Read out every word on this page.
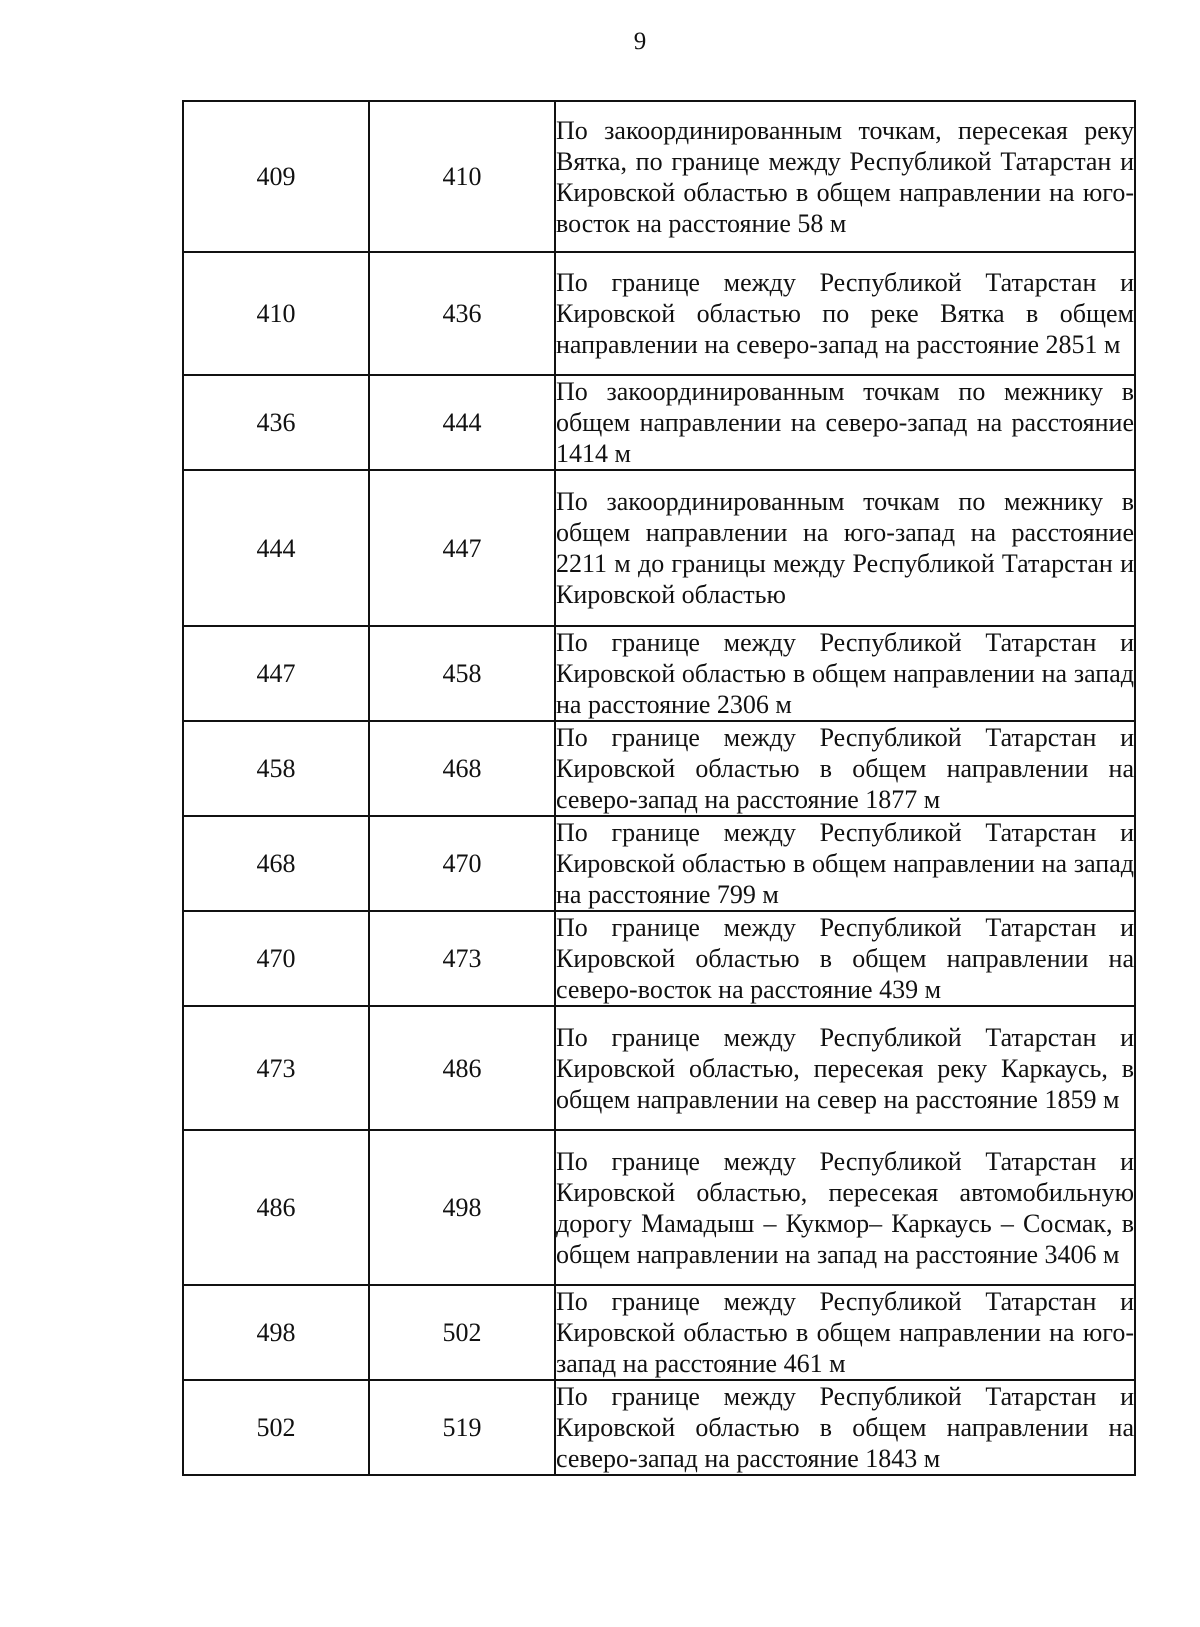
9
409	410	По закоординированным точкам, пересекая реку Вятка, по границе между Республикой Татарстан и Кировской областью в общем направлении на юго-восток на расстояние 58 м
410	436	По границе между Республикой Татарстан и Кировской областью по реке Вятка в общем направлении на северо-запад на расстояние 2851 м
436	444	По закоординированным точкам по межнику в общем направлении на северо-запад на расстояние 1414 м
444	447	По закоординированным точкам по межнику в общем направлении на юго-запад на расстояние 2211 м до границы между Республикой Татарстан и Кировской областью
447	458	По границе между Республикой Татарстан и Кировской областью в общем направлении на запад на расстояние 2306 м
458	468	По границе между Республикой Татарстан и Кировской областью в общем направлении на северо-запад на расстояние 1877 м
468	470	По границе между Республикой Татарстан и Кировской областью в общем направлении на запад на расстояние 799 м
470	473	По границе между Республикой Татарстан и Кировской областью в общем направлении на северо-восток на расстояние 439 м
473	486	По границе между Республикой Татарстан и Кировской областью, пересекая реку Каркаусь, в общем направлении на север на расстояние 1859 м
486	498	По границе между Республикой Татарстан и Кировской областью, пересекая автомобильную дорогу Мамадыш – Кукмор– Каркаусь – Сосмак, в общем направлении на запад на расстояние 3406 м
498	502	По границе между Республикой Татарстан и Кировской областью в общем направлении на юго-запад на расстояние 461 м
502	519	По границе между Республикой Татарстан и Кировской областью в общем направлении на северо-запад на расстояние 1843 м
